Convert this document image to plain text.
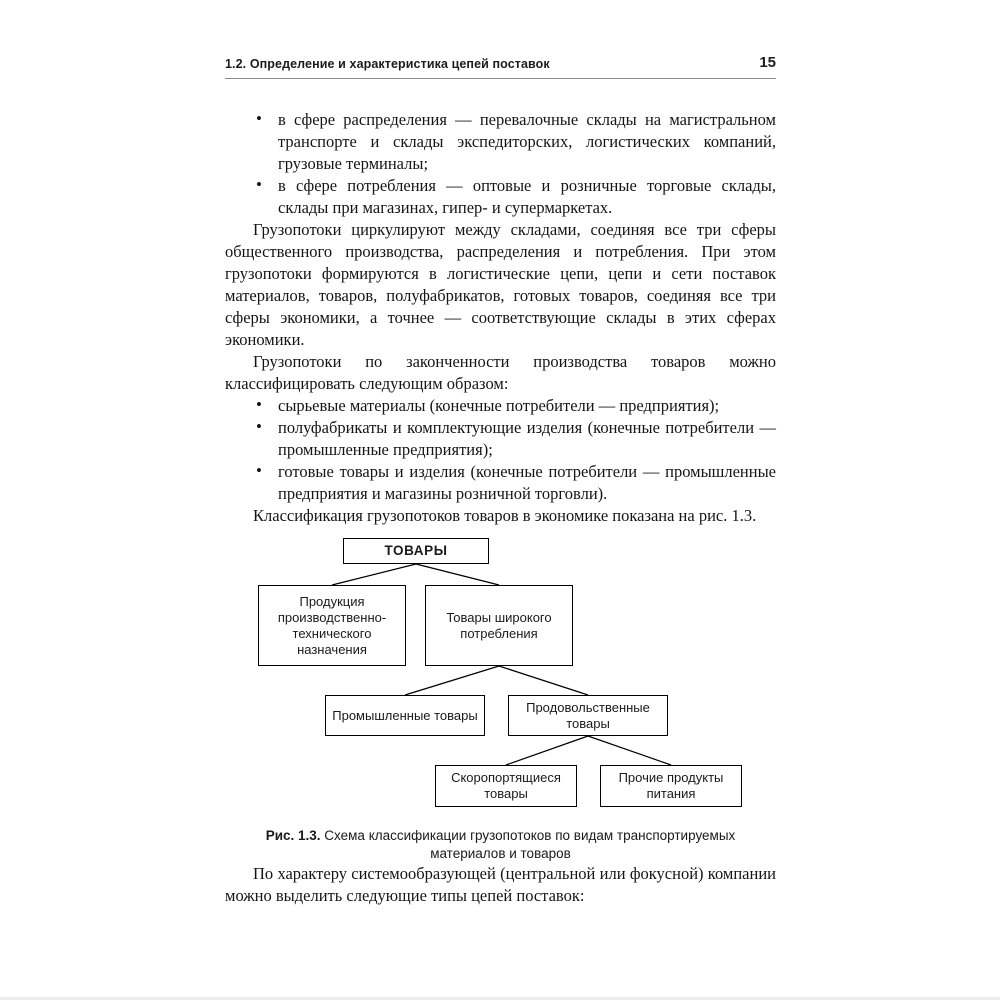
1.2. Определение и характеристика цепей поставок	15
• в сфере распределения — перевалочные склады на магистральном транспорте и склады экспедиторских, логистических компаний, грузовые терминалы;
• в сфере потребления — оптовые и розничные торговые склады, склады при магазинах, гипер- и супермаркетах.

Грузопотоки циркулируют между складами, соединяя все три сферы общественного производства, распределения и потребления. При этом грузопотоки формируются в логистические цепи, цепи и сети поставок материалов, товаров, полуфабрикатов, готовых товаров, соединяя все три сферы экономики, а точнее — соответствующие склады в этих сферах экономики.

Грузопотоки по законченности производства товаров можно классифицировать следующим образом:

• сырьевые материалы (конечные потребители — предприятия);
• полуфабрикаты и комплектующие изделия (конечные потребители — промышленные предприятия);
• готовые товары и изделия (конечные потребители — промышленные предприятия и магазины розничной торговли).

Классификация грузопотоков товаров в экономике показана на рис. 1.3.

ТОВАРЫ
Продукция производственно-технического назначения
Товары широкого потребления
Промышленные товары
Продовольственные товары
Скоропортящиеся товары
Прочие продукты питания
Рис. 1.3. Схема классификации грузопотоков по видам транспортируемых материалов и товаров

По характеру системообразующей (центральной или фокусной) компании можно выделить следующие типы цепей поставок:
